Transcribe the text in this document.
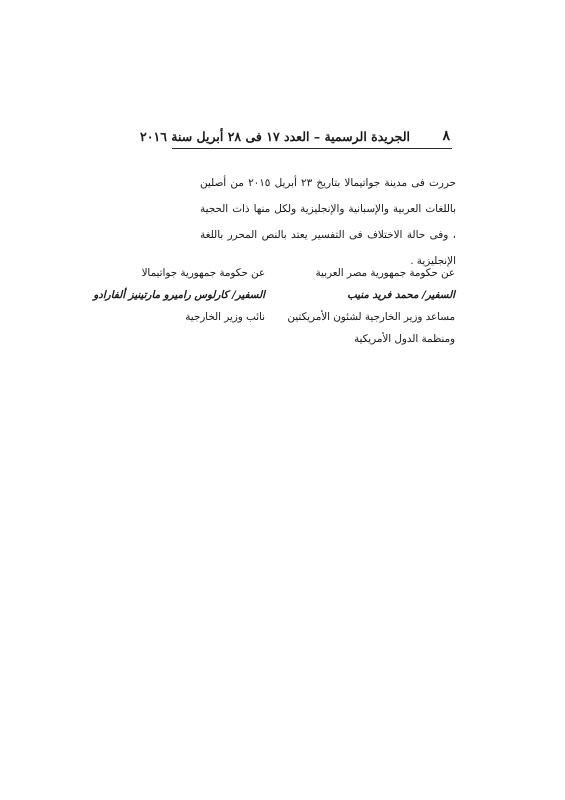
٨
الجريدة الرسمية – العدد ١٧ فى ٢٨ أبريل سنة ٢٠١٦

حررت فى مدينة جواتيمالا بتاريخ ٢٣ أبريل ٢٠١٥ من أصلين باللغات العربية والإسبانية والإنجليزية ولكل منها ذات الحجية ، وفى حالة الاختلاف فى التفسير يعتد بالنص المحرر باللغة الإنجليزية .

عن حكومة جمهورية مصر العربية
السفير/ محمد فريد منيب
مساعد وزير الخارجية لشئون الأمريكتين
ومنظمة الدول الأمريكية
عن حكومة جمهورية جواتيمالا
السفير/ كارلوس راميرو مارتينيز ألفارادو
نائب وزير الخارجية
